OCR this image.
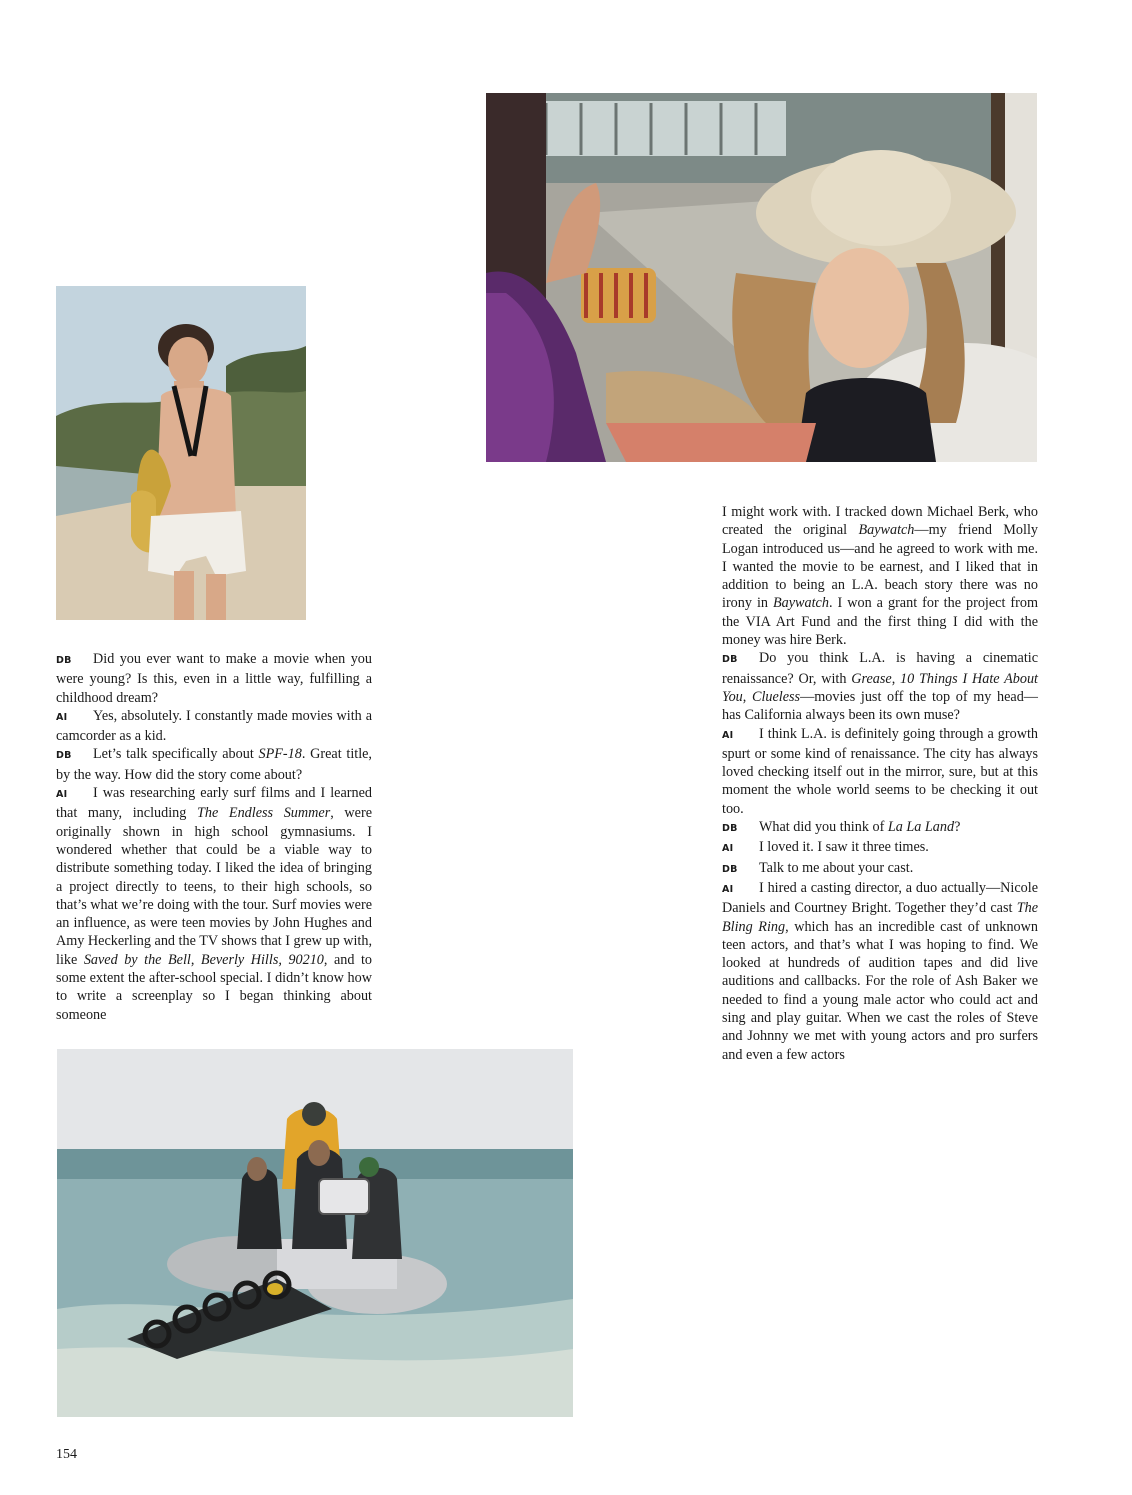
DB Did you ever want to make a movie when you were young? Is this, even in a little way, fulfilling a childhood dream?

AI Yes, absolutely. I constantly made movies with a camcorder as a kid.

DB Let’s talk specifically about SPF-18. Great title, by the way. How did the story come about?

AI I was researching early surf films and I learned that many, including The Endless Summer, were originally shown in high school gymnasiums. I wondered whether that could be a viable way to distribute something today. I liked the idea of bringing a project directly to teens, to their high schools, so that’s what we’re doing with the tour. Surf movies were an influence, as were teen movies by John Hughes and Amy Heckerling and the TV shows that I grew up with, like Saved by the Bell, Beverly Hills, 90210, and to some extent the after-school special. I didn’t know how to write a screenplay so I began thinking about someone

I might work with. I tracked down Michael Berk, who created the original Baywatch—my friend Molly Logan introduced us—and he agreed to work with me. I wanted the movie to be earnest, and I liked that in addition to being an L.A. beach story there was no irony in Baywatch. I won a grant for the project from the VIA Art Fund and the first thing I did with the money was hire Berk.

DB Do you think L.A. is having a cinematic renaissance? Or, with Grease, 10 Things I Hate About You, Clueless—movies just off the top of my head—has California always been its own muse?

AI I think L.A. is definitely going through a growth spurt or some kind of renaissance. The city has always loved checking itself out in the mirror, sure, but at this moment the whole world seems to be checking it out too.

DB What did you think of La La Land?

AI I loved it. I saw it three times.

DB Talk to me about your cast.

AI I hired a casting director, a duo actually—Nicole Daniels and Courtney Bright. Together they’d cast The Bling Ring, which has an incredible cast of unknown teen actors, and that’s what I was hoping to find. We looked at hundreds of audition tapes and did live auditions and callbacks. For the role of Ash Baker we needed to find a young male actor who could act and sing and play guitar. When we cast the roles of Steve and Johnny we met with young actors and pro surfers and even a few actors

154
